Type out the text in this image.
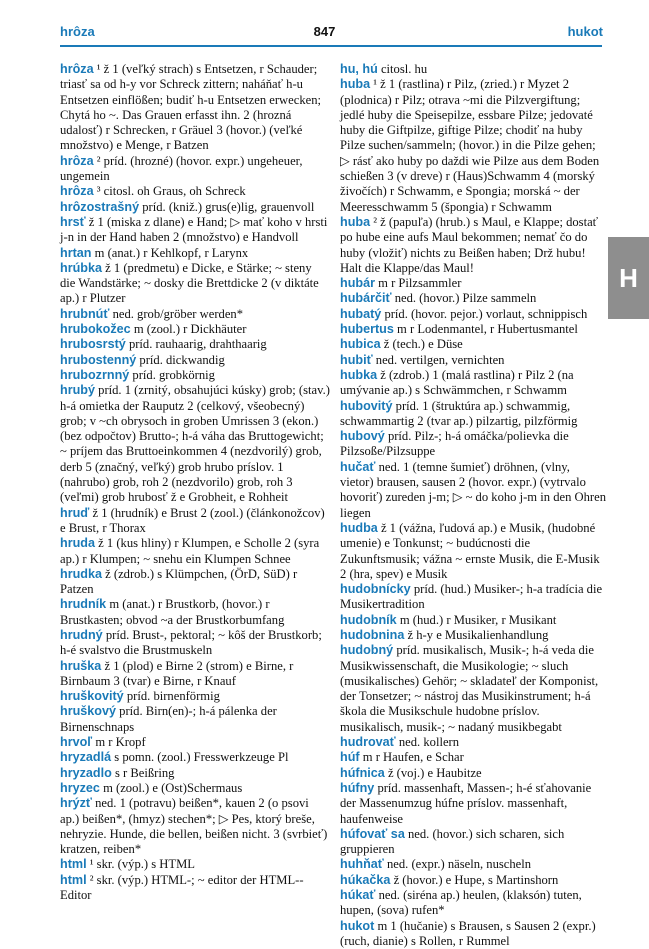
hrôza	847	hukot
H

hrôza ¹ ž 1 (veľký strach) s Entsetzen, r Schauder; triasť sa od h-y vor Schreck zittern; naháňať h-u Entsetzen einflößen; budiť h-u Entsetzen erwecken; Chytá ho ~. Das Grauen erfasst ihn. 2 (hrozná udalosť) r Schrecken, r Gräuel 3 (hovor.) (veľké množstvo) e Menge, r Batzen

hrôza ² príd. (hrozné) (hovor. expr.) ungeheuer, ungemein

hrôza ³ citosl. oh Graus, oh Schreck

hrôzostrašný príd. (kniž.) grus(e)lig, grauenvoll

hrsť ž 1 (miska z dlane) e Hand; ▷ mať koho v hrsti j-n in der Hand haben 2 (množstvo) e Handvoll

hrtan m (anat.) r Kehlkopf, r Larynx

hrúbka ž 1 (predmetu) e Dicke, e Stärke; ~ steny die Wandstärke; ~ dosky die Brettdicke 2 (v diktáte ap.) r Plutzer

hrubnúť ned. grob/gröber werden*

hrubokožec m (zool.) r Dickhäuter

hrubosrstý príd. rauhaarig, drahthaarig

hrubostenný príd. dickwandig

hrubozrnný príd. grobkörnig

hrubý príd. 1 (zrnitý, obsahujúci kúsky) grob; (stav.) h-á omietka der Rauputz 2 (celkový, všeobecný) grob; v ~ch obrysoch in groben Umrissen 3 (ekon.) (bez odpočtov) Brutto-; h-á váha das Bruttogewicht; ~ príjem das Bruttoeinkommen 4 (nezdvorilý) grob, derb 5 (značný, veľký) grob hrubo príslov. 1 (nahrubo) grob, roh 2 (nezdvorilo) grob, roh 3 (veľmi) grob hrubosť ž e Grobheit, e Rohheit

hruď ž 1 (hrudník) e Brust 2 (zool.) (článkonožcov) e Brust, r Thorax

hruda ž 1 (kus hliny) r Klumpen, e Scholle 2 (syra ap.) r Klumpen; ~ snehu ein Klumpen Schnee

hrudka ž (zdrob.) s Klümpchen, (ÖrD, SüD) r Patzen

hrudník m (anat.) r Brustkorb, (hovor.) r Brustkasten; obvod ~a der Brustkorbumfang

hrudný príd. Brust-, pektoral; ~ kôš der Brustkorb; h-é svalstvo die Brustmuskeln

hruška ž 1 (plod) e Birne 2 (strom) e Birne, r Birnbaum 3 (tvar) e Birne, r Knauf

hruškovitý príd. birnenförmig

hruškový príd. Birn(en)-; h-á pálenka der Birnenschnaps

hrvoľ m r Kropf

hryzadlá s pomn. (zool.) Fresswerkzeuge Pl

hryzadlo s r Beißring

hryzec m (zool.) e (Ost)Schermaus

hrýzť ned. 1 (potravu) beißen*, kauen 2 (o psovi ap.) beißen*, (hmyz) stechen*; ▷ Pes, ktorý breše, nehryzie. Hunde, die bellen, beißen nicht. 3 (svrbieť) kratzen, reiben*

html ¹ skr. (výp.) s HTML

html ² skr. (výp.) HTML-; ~ editor der HTML--Editor

hu, hú citosl. hu

huba ¹ ž 1 (rastlina) r Pilz, (zried.) r Myzet 2 (plodnica) r Pilz; otrava ~mi die Pilzvergiftung; jedlé huby die Speisepilze, essbare Pilze; jedovaté huby die Giftpilze, giftige Pilze; chodiť na huby Pilze suchen/sammeln; (hovor.) in die Pilze gehen; ▷ rásť ako huby po daždi wie Pilze aus dem Boden schießen 3 (v dreve) r (Haus)Schwamm 4 (morský živočích) r Schwamm, e Spongia; morská ~ der Meeresschwamm 5 (špongia) r Schwamm

huba ² ž (papuľa) (hrub.) s Maul, e Klappe; dostať po hube eine aufs Maul bekommen; nemať čo do huby (vložiť) nichts zu Beißen haben; Drž hubu! Halt die Klappe/das Maul!

hubár m r Pilzsammler

hubárčiť ned. (hovor.) Pilze sammeln

hubatý príd. (hovor. pejor.) vorlaut, schnippisch

hubertus m r Lodenmantel, r Hubertusmantel

hubica ž (tech.) e Düse

hubiť ned. vertilgen, vernichten

hubka ž (zdrob.) 1 (malá rastlina) r Pilz 2 (na umývanie ap.) s Schwämmchen, r Schwamm

hubovitý príd. 1 (štruktúra ap.) schwammig, schwammartig 2 (tvar ap.) pilzartig, pilzförmig

hubový príd. Pilz-; h-á omáčka/polievka die Pilzsoße/Pilzsuppe

hučať ned. 1 (temne šumieť) dröhnen, (vlny, vietor) brausen, sausen 2 (hovor. expr.) (vytrvalo hovoriť) zureden j-m; ▷ ~ do koho j-m in den Ohren liegen

hudba ž 1 (vážna, ľudová ap.) e Musik, (hudobné umenie) e Tonkunst; ~ budúcnosti die Zukunftsmusik; vážna ~ ernste Musik, die E-Musik 2 (hra, spev) e Musik

hudobnícky príd. (hud.) Musiker-; h-a tradícia die Musikertradition

hudobník m (hud.) r Musiker, r Musikant

hudobnina ž h-y e Musikalienhandlung

hudobný príd. musikalisch, Musik-; h-á veda die Musikwissenschaft, die Musikologie; ~ sluch (musikalisches) Gehör; ~ skladateľ der Komponist, der Tonsetzer; ~ nástroj das Musikinstrument; h-á škola die Musikschule hudobne príslov. musikalisch, musik-; ~ nadaný musikbegabt

hudrovať ned. kollern

húf m r Haufen, e Schar

húfnica ž (voj.) e Haubitze

húfny príd. massenhaft, Massen-; h-é sťahovanie der Massenumzug húfne príslov. massenhaft, haufenweise

húfovať sa ned. (hovor.) sich scharen, sich gruppieren

huhňať ned. (expr.) näseln, nuscheln

húkačka ž (hovor.) e Hupe, s Martinshorn

húkať ned. (siréna ap.) heulen, (klaksón) tuten, hupen, (sova) rufen*

hukot m 1 (hučanie) s Brausen, s Sausen 2 (expr.) (ruch, dianie) s Rollen, r Rummel
